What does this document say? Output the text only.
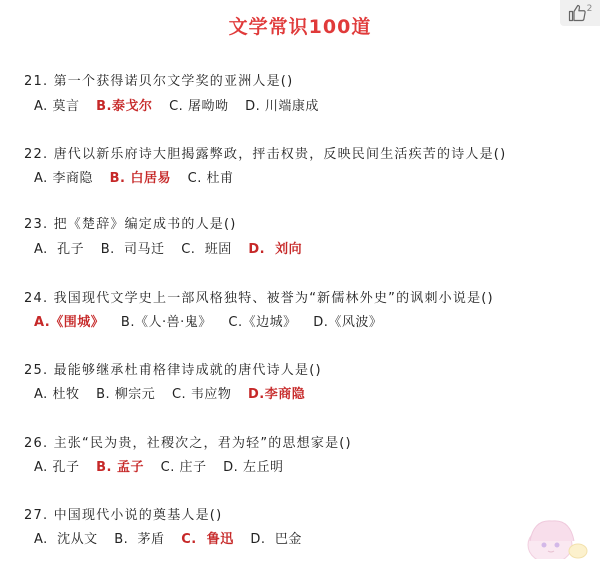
文学常识100道
2
21. 第一个获得诺贝尔文学奖的亚洲人是()
A. 莫言 B.泰戈尔 C. 屠呦呦 D. 川端康成
22. 唐代以新乐府诗大胆揭露弊政，抨击权贵，反映民间生活疾苦的诗人是()
A. 李商隐 B. 白居易 C. 杜甫
23. 把《楚辞》编定成书的人是()
A. 孔子 B. 司马迁 C. 班固 D. 刘向
24. 我国现代文学史上一部风格独特、被誉为“新儒林外史”的讽刺小说是()
A.《围城》 B.《人·兽·鬼》 C.《边城》 D.《风波》
25. 最能够继承杜甫格律诗成就的唐代诗人是()
A. 杜牧 B. 柳宗元 C. 韦应物 D.李商隐
26. 主张“民为贵，社稷次之，君为轻”的思想家是()
A. 孔子 B. 孟子 C. 庄子 D. 左丘明
27. 中国现代小说的奠基人是()
A. 沈从文 B. 茅盾 C. 鲁迅 D. 巴金
